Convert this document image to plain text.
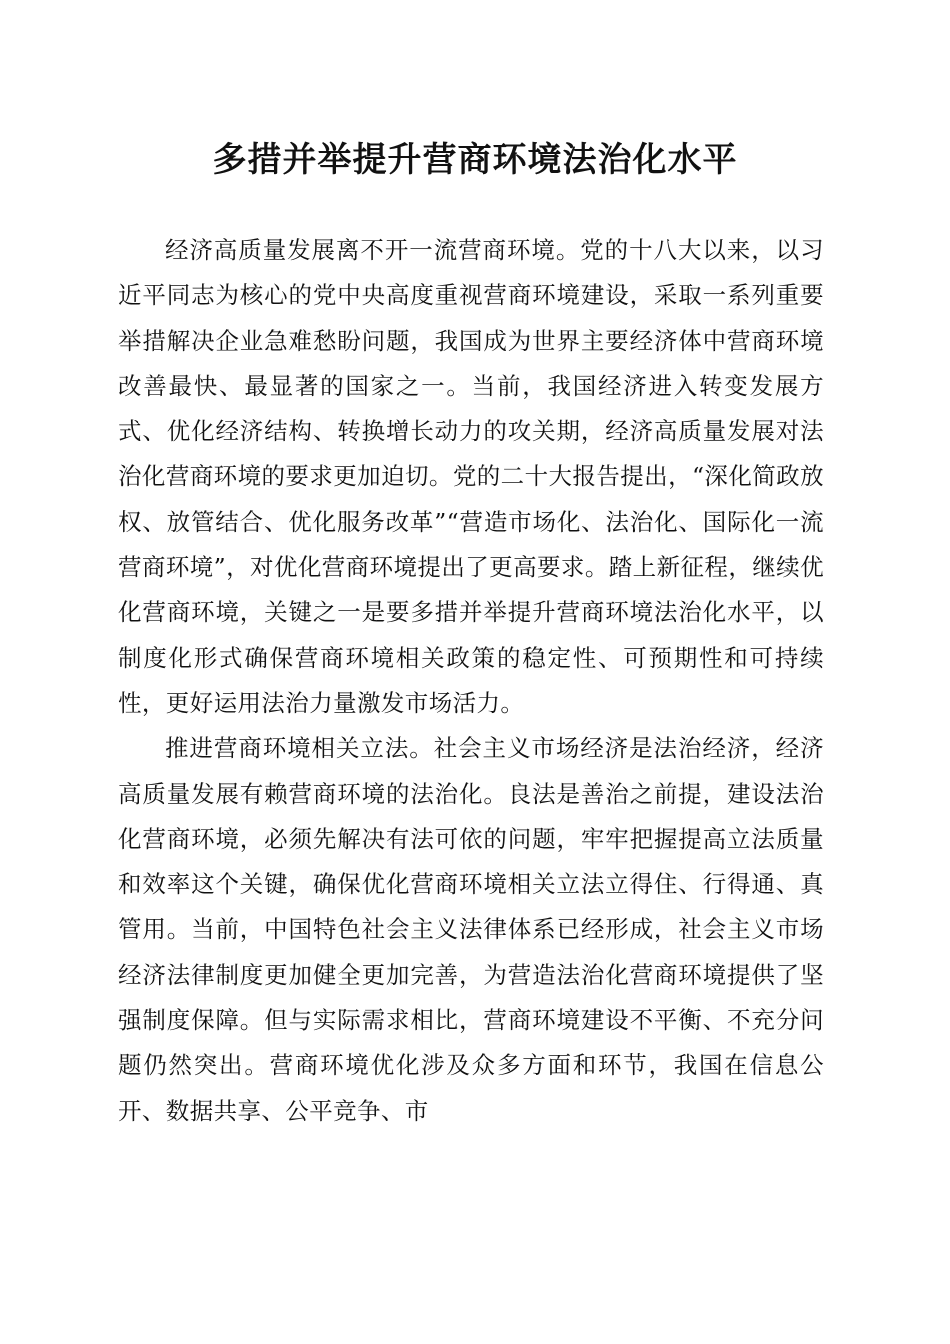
多措并举提升营商环境法治化水平

经济高质量发展离不开一流营商环境。党的十八大以来，以习近平同志为核心的党中央高度重视营商环境建设，采取一系列重要举措解决企业急难愁盼问题，我国成为世界主要经济体中营商环境改善最快、最显著的国家之一。当前，我国经济进入转变发展方式、优化经济结构、转换增长动力的攻关期，经济高质量发展对法治化营商环境的要求更加迫切。党的二十大报告提出，“深化简政放权、放管结合、优化服务改革”“营造市场化、法治化、国际化一流营商环境”，对优化营商环境提出了更高要求。踏上新征程，继续优化营商环境，关键之一是要多措并举提升营商环境法治化水平，以制度化形式确保营商环境相关政策的稳定性、可预期性和可持续性，更好运用法治力量激发市场活力。

推进营商环境相关立法。社会主义市场经济是法治经济，经济高质量发展有赖营商环境的法治化。良法是善治之前提，建设法治化营商环境，必须先解决有法可依的问题，牢牢把握提高立法质量和效率这个关键，确保优化营商环境相关立法立得住、行得通、真管用。当前，中国特色社会主义法律体系已经形成，社会主义市场经济法律制度更加健全更加完善，为营造法治化营商环境提供了坚强制度保障。但与实际需求相比，营商环境建设不平衡、不充分问题仍然突出。营商环境优化涉及众多方面和环节，我国在信息公开、数据共享、公平竞争、市
